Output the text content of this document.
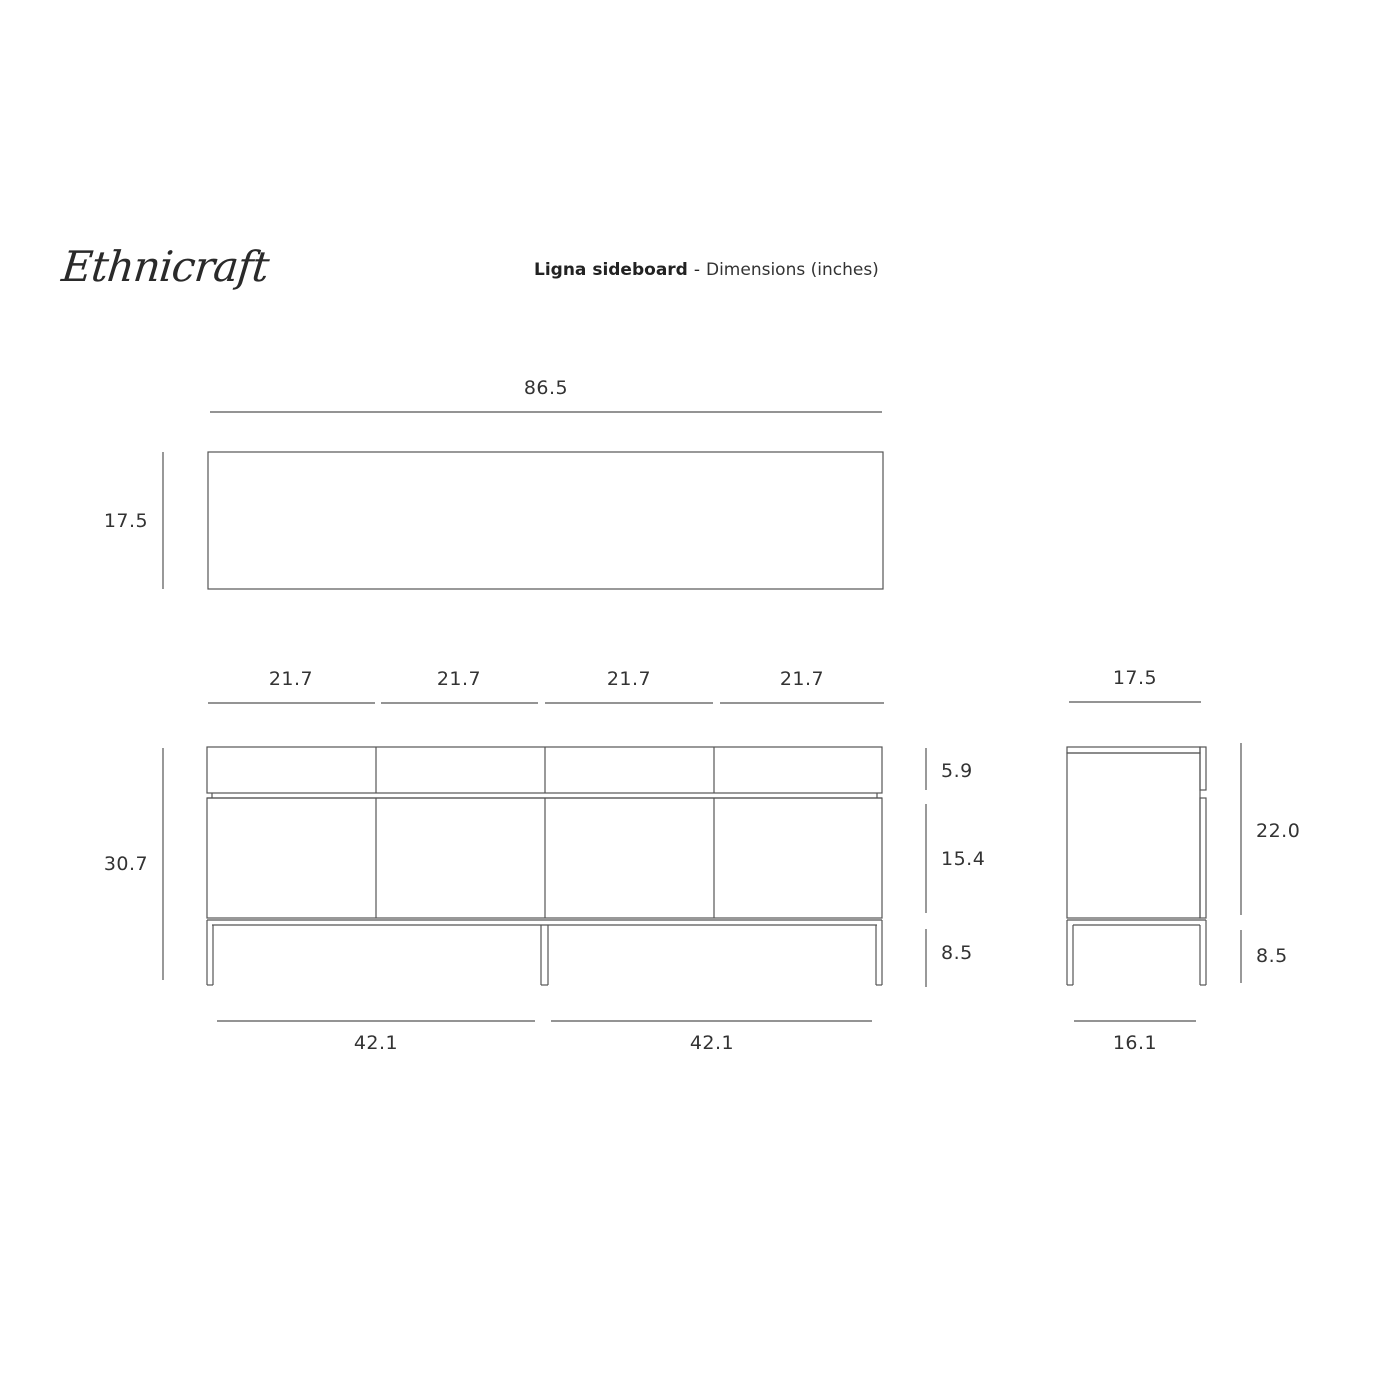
Ethnicraft	Ligna sideboard - Dimensions (inches)
86.5
17.5
21.7	21.7	21.7	21.7
30.7
5.9
15.4
8.5
42.1	42.1
17.5
22.0
8.5
16.1
